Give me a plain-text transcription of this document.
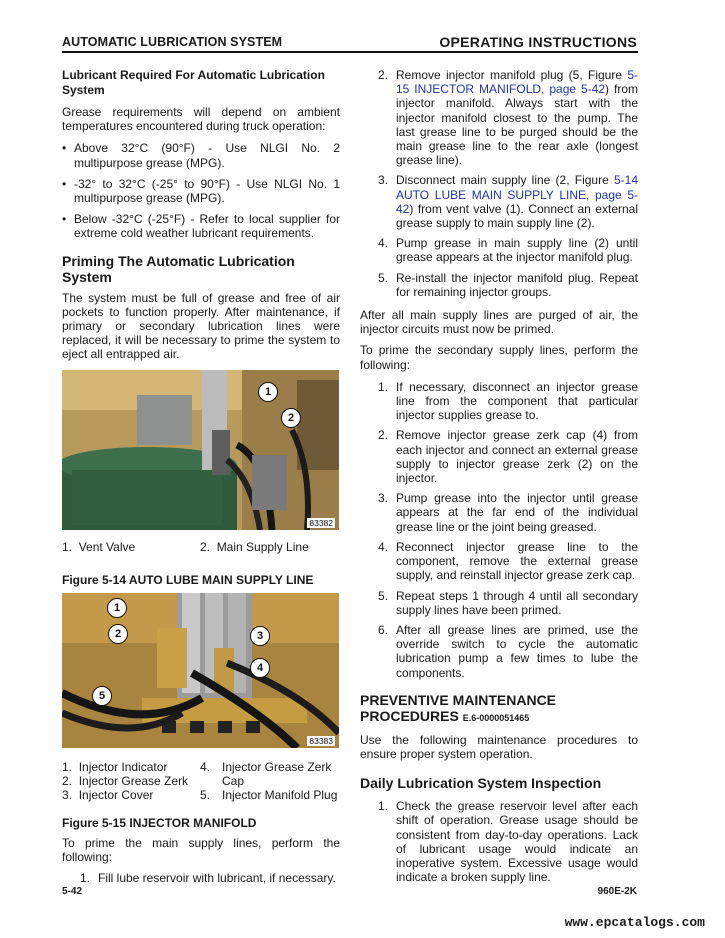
AUTOMATIC LUBRICATION SYSTEM	OPERATING INSTRUCTIONS
Lubricant Required For Automatic Lubrication System

Grease requirements will depend on ambient temperatures encountered during truck operation:

• Above 32°C (90°F) - Use NLGI No. 2 multipurpose grease (MPG).
• -32° to 32°C (-25° to 90°F) - Use NLGI No. 1 multipurpose grease (MPG).
• Below -32°C (-25°F) - Refer to local supplier for extreme cold weather lubricant requirements.
Priming The Automatic Lubrication System

The system must be full of grease and free of air pockets to function properly. After maintenance, if primary or secondary lubrication lines were replaced, it will be necessary to prime the system to eject all entrapped air.

1
2
83382
1. Vent Valve	2. Main Supply Line
Figure 5-14 AUTO LUBE MAIN SUPPLY LINE
1
2	3
4
5
83383
1. Injector Indicator
2. Injector Grease Zerk
3. Injector Cover
4. Injector Grease Zerk Cap
5. Injector Manifold Plug
Figure 5-15 INJECTOR MANIFOLD

To prime the main supply lines, perform the following:

1. Fill lube reservoir with lubricant, if necessary.
2. Remove injector manifold plug (5, Figure 5-15 INJECTOR MANIFOLD, page 5-42) from injector manifold. Always start with the injector manifold closest to the pump. The last grease line to be purged should be the main grease line to the rear axle (longest grease line).
3. Disconnect main supply line (2, Figure 5-14 AUTO LUBE MAIN SUPPLY LINE, page 5-42) from vent valve (1). Connect an external grease supply to main supply line (2).
4. Pump grease in main supply line (2) until grease appears at the injector manifold plug.
5. Re-install the injector manifold plug. Repeat for remaining injector groups.

After all main supply lines are purged of air, the injector circuits must now be primed.

To prime the secondary supply lines, perform the following:

1. If necessary, disconnect an injector grease line from the component that particular injector supplies grease to.
2. Remove injector grease zerk cap (4) from each injector and connect an external grease supply to injector grease zerk (2) on the injector.
3. Pump grease into the injector until grease appears at the far end of the individual grease line or the joint being greased.
4. Reconnect injector grease line to the component, remove the external grease supply, and reinstall injector grease zerk cap.
5. Repeat steps 1 through 4 until all secondary supply lines have been primed.
6. After all grease lines are primed, use the override switch to cycle the automatic lubrication pump a few times to lube the components.
PREVENTIVE MAINTENANCE PROCEDURES E.6-0000051465

Use the following maintenance procedures to ensure proper system operation.

Daily Lubrication System Inspection
1. Check the grease reservoir level after each shift of operation. Grease usage should be consistent from day-to-day operations. Lack of lubricant usage would indicate an inoperative system. Excessive usage would indicate a broken supply line.
5-42	960E-2K
www.epcatalogs.com
